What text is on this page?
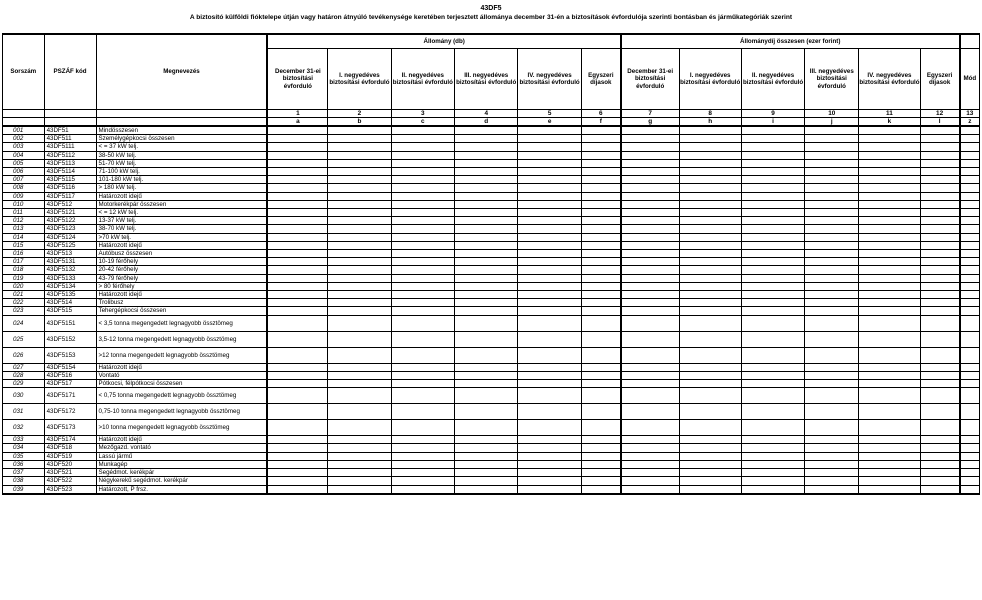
43DF5
A biztosító külföldi fióktelepe útján vagy határon átnyúló tevékenysége keretében terjesztett állománya december 31-én a biztosítások évfordulója szerinti bontásban és járműkategóriák szerint
Sorszám	PSZÁF kód	Megnevezés	Állomány (db)						Állománydíj összesen (ezer forint)						
			December 31-ei biztosítási évforduló	I. negyedéves biztosítási évforduló	II. negyedéves biztosítási évforduló	III. negyedéves biztosítási évforduló	IV. negyedéves biztosítási évforduló	Egyszeri díjasok	December 31-ei biztosítási évforduló	I. negyedéves biztosítási évforduló	II. negyedéves biztosítási évforduló	III. negyedéves biztosítási évforduló	IV. negyedéves biztosítási évforduló	Egyszeri díjasok	Mód
			1	2	3	4	5	6	7	8	9	10	11	12	13
			a	b	c	d	e	f	g	h	i	j	k	l	z
001	43DF51	Mindösszesen													
002	43DF511	Személygépkocsi összesen													
003	43DF5111	< = 37 kW telj.													
004	43DF5112	38-50 kW telj.													
005	43DF5113	51-70 kW telj.													
006	43DF5114	71-100 kW telj.													
007	43DF5115	101-180 kW telj.													
008	43DF5116	> 180 kW telj.													
009	43DF5117	Határozott idejű													
010	43DF512	Motorkerékpár összesen													
011	43DF5121	< = 12 kW telj.													
012	43DF5122	13-37 kW telj.													
013	43DF5123	38-70 kW telj.													
014	43DF5124	>70 kW telj.													
015	43DF5125	Határozott idejű													
016	43DF513	Autóbusz összesen													
017	43DF5131	10-19 férőhely													
018	43DF5132	20-42 férőhely													
019	43DF5133	43-79 férőhely													
020	43DF5134	> 80 férőhely													
021	43DF5135	Határozott idejű													
022	43DF514	Trolibusz													
023	43DF515	Tehergépkocsi összesen													
024	43DF5151	< 3,5 tonna megengedett legnagyobb össztömeg													
025	43DF5152	3,5-12 tonna megengedett legnagyobb össztömeg													
026	43DF5153	>12 tonna megengedett legnagyobb össztömeg													
027	43DF5154	Határozott idejű													
028	43DF516	Vontató													
029	43DF517	Pótkocsi, félpótkocsi összesen													
030	43DF5171	< 0,75 tonna megengedett legnagyobb össztömeg													
031	43DF5172	0,75-10 tonna megengedett legnagyobb össztömeg													
032	43DF5173	>10 tonna megengedett legnagyobb össztömeg													
033	43DF5174	Határozott idejű													
034	43DF518	Mezőgazd. vontató													
035	43DF519	Lassú jármű													
036	43DF520	Munkagép													
037	43DF521	Segédmot. kerékpár													
038	43DF522	Négykerekű segédmot. kerékpár													
039	43DF523	Határozott, P frsz.													
